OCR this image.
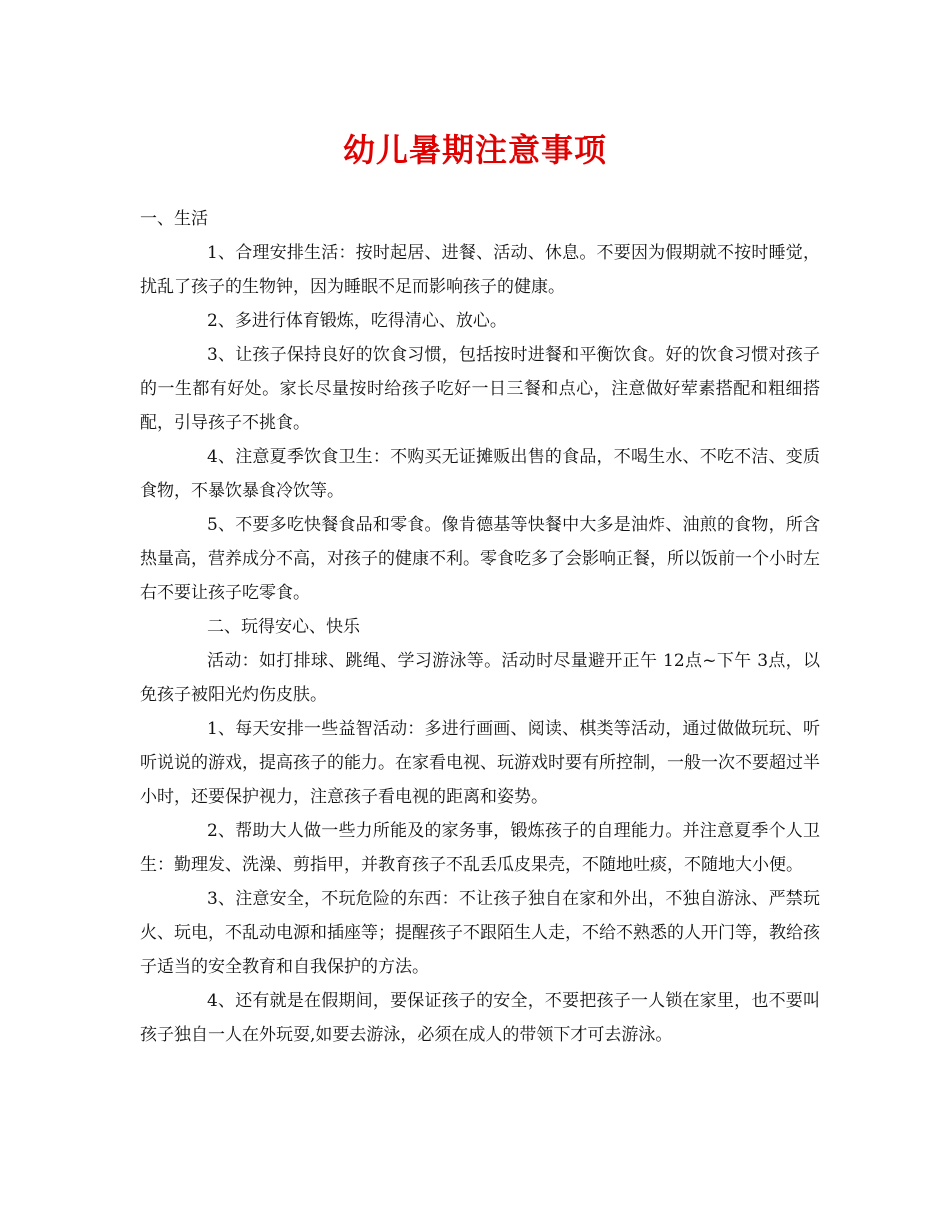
幼儿暑期注意事项

一、生活

1、合理安排生活：按时起居、进餐、活动、休息。不要因为假期就不按时睡觉，扰乱了孩子的生物钟，因为睡眠不足而影响孩子的健康。

2、多进行体育锻炼，吃得清心、放心。

3、让孩子保持良好的饮食习惯，包括按时进餐和平衡饮食。好的饮食习惯对孩子的一生都有好处。家长尽量按时给孩子吃好一日三餐和点心，注意做好荤素搭配和粗细搭配，引导孩子不挑食。

4、注意夏季饮食卫生：不购买无证摊贩出售的食品，不喝生水、不吃不洁、变质食物，不暴饮暴食冷饮等。

5、不要多吃快餐食品和零食。像肯德基等快餐中大多是油炸、油煎的食物，所含热量高，营养成分不高，对孩子的健康不利。零食吃多了会影响正餐，所以饭前一个小时左右不要让孩子吃零食。

二、玩得安心、快乐

活动：如打排球、跳绳、学习游泳等。活动时尽量避开正午 12点~下午 3点，以免孩子被阳光灼伤皮肤。

1、每天安排一些益智活动：多进行画画、阅读、棋类等活动，通过做做玩玩、听听说说的游戏，提高孩子的能力。在家看电视、玩游戏时要有所控制，一般一次不要超过半小时，还要保护视力，注意孩子看电视的距离和姿势。

2、帮助大人做一些力所能及的家务事，锻炼孩子的自理能力。并注意夏季个人卫生：勤理发、洗澡、剪指甲，并教育孩子不乱丢瓜皮果壳，不随地吐痰，不随地大小便。

3、注意安全，不玩危险的东西：不让孩子独自在家和外出，不独自游泳、严禁玩火、玩电，不乱动电源和插座等；提醒孩子不跟陌生人走，不给不熟悉的人开门等，教给孩子适当的安全教育和自我保护的方法。

4、还有就是在假期间，要保证孩子的安全，不要把孩子一人锁在家里，也不要叫孩子独自一人在外玩耍,如要去游泳，必须在成人的带领下才可去游泳。
